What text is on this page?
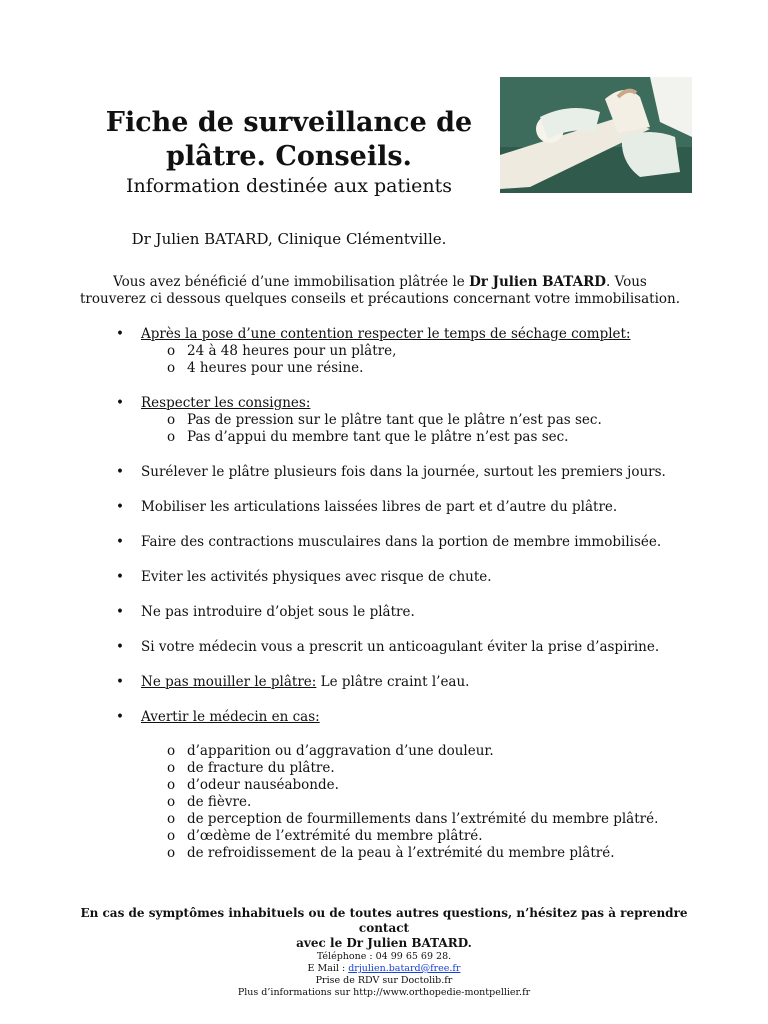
Fiche de surveillance de

plâtre. Conseils.

Information destinée aux patients

Dr Julien BATARD, Clinique Clémentville.
Vous avez bénéficié d’une immobilisation plâtrée le Dr Julien BATARD. Vous trouverez ci dessous quelques conseils et précautions concernant votre immobilisation.
• Après la pose d’une contention respecter le temps de séchage complet:
o 24 à 48 heures pour un plâtre,
o 4 heures pour une résine.
• Respecter les consignes:
o Pas de pression sur le plâtre tant que le plâtre n’est pas sec.
o Pas d’appui du membre tant que le plâtre n’est pas sec.
• Surélever le plâtre plusieurs fois dans la journée, surtout les premiers jours.
• Mobiliser les articulations laissées libres de part et d’autre du plâtre.
• Faire des contractions musculaires dans la portion de membre immobilisée.
• Eviter les activités physiques avec risque de chute.
• Ne pas introduire d’objet sous le plâtre.
• Si votre médecin vous a prescrit un anticoagulant éviter la prise d’aspirine.
• Ne pas mouiller le plâtre: Le plâtre craint l’eau.
• Avertir le médecin en cas:
o d’apparition ou d’aggravation d’une douleur.
o de fracture du plâtre.
o d’odeur nauséabonde.
o de fièvre.
o de perception de fourmillements dans l’extrémité du membre plâtré.
o d’œdème de l’extrémité du membre plâtré.
o de refroidissement de la peau à l’extrémité du membre plâtré.
En cas de symptômes inhabituels ou de toutes autres questions, n’hésitez pas à reprendre contact
avec le Dr Julien BATARD.
Téléphone : 04 99 65 69 28.
E Mail : drjulien.batard@free.fr
Prise de RDV sur Doctolib.fr
Plus d’informations sur http://www.orthopedie-montpellier.fr
